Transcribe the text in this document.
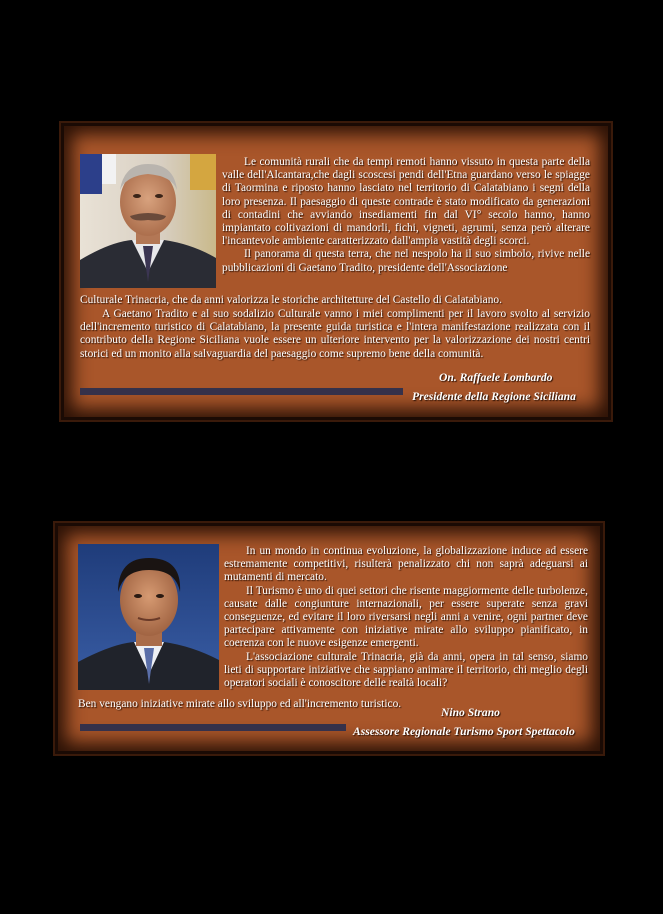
Le comunità rurali che da tempi remoti hanno vissuto in questa parte della valle dell'Alcantara,che dagli scoscesi pendi dell'Etna guardano verso le spiagge di Taormina e riposto hanno lasciato nel territorio di Calatabiano i segni della loro presenza. Il paesaggio di queste contrade è stato modificato da generazioni di contadini che avviando insediamenti fin dal VI° secolo hanno, hanno impiantato coltivazioni di mandorli, fichi, vigneti, agrumi, senza però alterare l'incantevole ambiente caratterizzato dall'ampia vastità degli scorci.

Il panorama di questa terra, che nel nespolo ha il suo simbolo, rivive nelle pubblicazioni di Gaetano Tradito, presidente dell'Associazione

Culturale Trinacria, che da anni valorizza le storiche architetture del Castello di Calatabiano.

A Gaetano Tradito e al suo sodalizio Culturale vanno i miei complimenti per il lavoro svolto al servizio dell'incremento turistico di Calatabiano, la presente guida turistica e l'intera manifestazione realizzata con il contributo della Regione Siciliana vuole essere un ulteriore intervento per la valorizzazione dei nostri centri storici ed un monito alla salvaguardia del paesaggio come supremo bene della comunità.

On. Raffaele Lombardo
Presidente della Regione Siciliana

In un mondo in continua evoluzione, la globalizzazione induce ad essere estremamente competitivi, risulterà penalizzato chi non saprà adeguarsi ai mutamenti di mercato.

Il Turismo è uno di quei settori che risente maggiormente delle turbolenze, causate dalle congiunture internazionali, per essere superate senza gravi conseguenze, ed evitare il loro riversarsi negli anni a venire, ogni partner deve partecipare attivamente con iniziative mirate allo sviluppo pianificato, in coerenza con le nuove esigenze emergenti.

L'associazione culturale Trinacria, già da anni, opera in tal senso, siamo lieti di supportare iniziative che sappiano animare il territorio, chi meglio degli operatori sociali è conoscitore delle realtà locali?

Ben vengano iniziative mirate allo sviluppo ed all'incremento turistico.

Nino Strano
Assessore Regionale Turismo Sport Spettacolo
